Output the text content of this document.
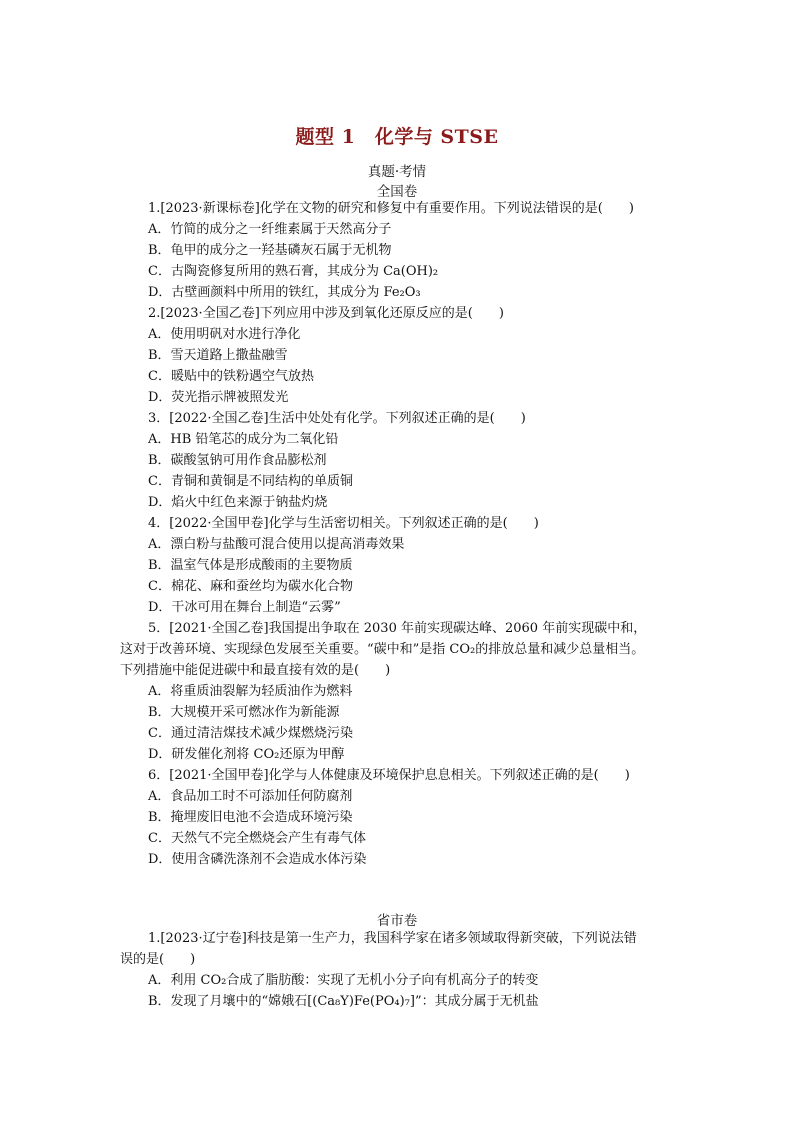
题型 1　化学与 STSE
真题·考情
全国卷
1.[2023·新课标卷]化学在文物的研究和修复中有重要作用。下列说法错误的是(　　)
A．竹简的成分之一纤维素属于天然高分子
B．龟甲的成分之一羟基磷灰石属于无机物
C．古陶瓷修复所用的熟石膏，其成分为 Ca(OH)₂
D．古壁画颜料中所用的铁红，其成分为 Fe₂O₃
2.[2023·全国乙卷]下列应用中涉及到氧化还原反应的是(　　)
A．使用明矾对水进行净化
B．雪天道路上撒盐融雪
C．暖贴中的铁粉遇空气放热
D．荧光指示牌被照发光
3．[2022·全国乙卷]生活中处处有化学。下列叙述正确的是(　　)
A．HB 铅笔芯的成分为二氧化铅
B．碳酸氢钠可用作食品膨松剂
C．青铜和黄铜是不同结构的单质铜
D．焰火中红色来源于钠盐灼烧
4．[2022·全国甲卷]化学与生活密切相关。下列叙述正确的是(　　)
A．漂白粉与盐酸可混合使用以提高消毒效果
B．温室气体是形成酸雨的主要物质
C．棉花、麻和蚕丝均为碳水化合物
D．干冰可用在舞台上制造“云雾”
5．[2021·全国乙卷]我国提出争取在 2030 年前实现碳达峰、2060 年前实现碳中和，
这对于改善环境、实现绿色发展至关重要。“碳中和”是指 CO₂的排放总量和减少总量相当。
下列措施中能促进碳中和最直接有效的是(　　)
A．将重质油裂解为轻质油作为燃料
B．大规模开采可燃冰作为新能源
C．通过清洁煤技术减少煤燃烧污染
D．研发催化剂将 CO₂还原为甲醇
6．[2021·全国甲卷]化学与人体健康及环境保护息息相关。下列叙述正确的是(　　)
A．食品加工时不可添加任何防腐剂
B．掩埋废旧电池不会造成环境污染
C．天然气不完全燃烧会产生有毒气体
D．使用含磷洗涤剂不会造成水体污染
省市卷
1.[2023·辽宁卷]科技是第一生产力，我国科学家在诸多领域取得新突破，下列说法错
误的是(　　)
A．利用 CO₂合成了脂肪酸：实现了无机小分子向有机高分子的转变
B．发现了月壤中的“嫦娥石[(Ca₈Y)Fe(PO₄)₇]”：其成分属于无机盐
